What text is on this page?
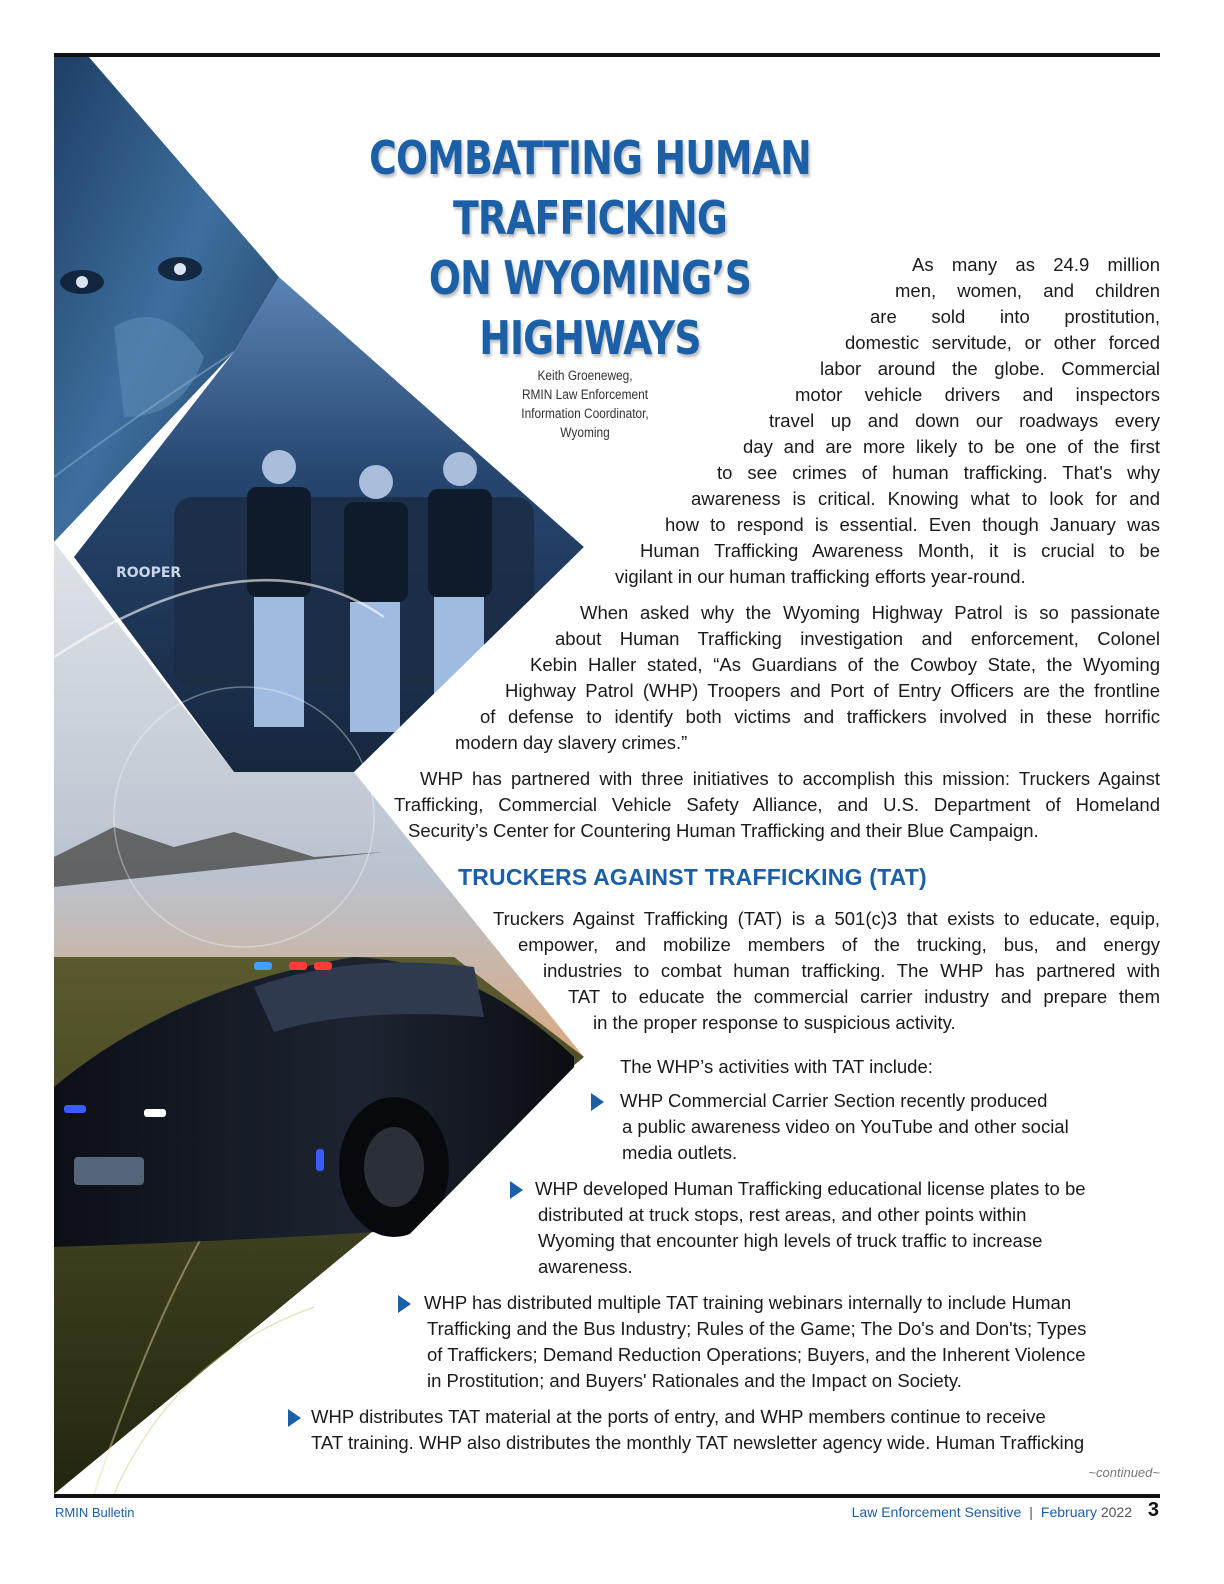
ROOPER
COMBATTING HUMAN TRAFFICKING
ON WYOMING’S
HIGHWAYS
Keith Groeneweg,
RMIN Law Enforcement
Information Coordinator,
Wyoming
As many as 24.9 million
men, women, and children
are sold into prostitution,
domestic servitude, or other forced
labor around the globe. Commercial
motor vehicle drivers and inspectors
travel up and down our roadways every
day and are more likely to be one of the first
to see crimes of human trafficking. That's why
awareness is critical. Knowing what to look for and
how to respond is essential. Even though January was
Human Trafficking Awareness Month, it is crucial to be
vigilant in our human trafficking efforts year-round.
When asked why the Wyoming Highway Patrol is so passionate
about Human Trafficking investigation and enforcement, Colonel
Kebin Haller stated, “As Guardians of the Cowboy State, the Wyoming
Highway Patrol (WHP) Troopers and Port of Entry Officers are the frontline
of defense to identify both victims and traffickers involved in these horrific
modern day slavery crimes.”
WHP has partnered with three initiatives to accomplish this mission: Truckers Against
Trafficking, Commercial Vehicle Safety Alliance, and U.S. Department of Homeland
Security’s Center for Countering Human Trafficking and their Blue Campaign.
TRUCKERS AGAINST TRAFFICKING (TAT)
Truckers Against Trafficking (TAT) is a 501(c)3 that exists to educate, equip,
empower, and mobilize members of the trucking, bus, and energy
industries to combat human trafficking. The WHP has partnered with
TAT to educate the commercial carrier industry and prepare them
in the proper response to suspicious activity.
The WHP’s activities with TAT include:
WHP Commercial Carrier Section recently produced
a public awareness video on YouTube and other social
media outlets.
WHP developed Human Trafficking educational license plates to be
distributed at truck stops, rest areas, and other points within
Wyoming that encounter high levels of truck traffic to increase
awareness.
WHP has distributed multiple TAT training webinars internally to include Human
Trafficking and the Bus Industry; Rules of the Game; The Do's and Don'ts; Types
of Traffickers; Demand Reduction Operations; Buyers, and the Inherent Violence
in Prostitution; and Buyers' Rationales and the Impact on Society.
WHP distributes TAT material at the ports of entry, and WHP members continue to receive
TAT training. WHP also distributes the monthly TAT newsletter agency wide. Human Trafficking
~continued~
RMIN Bulletin	Law Enforcement Sensitive | February 2022 3
